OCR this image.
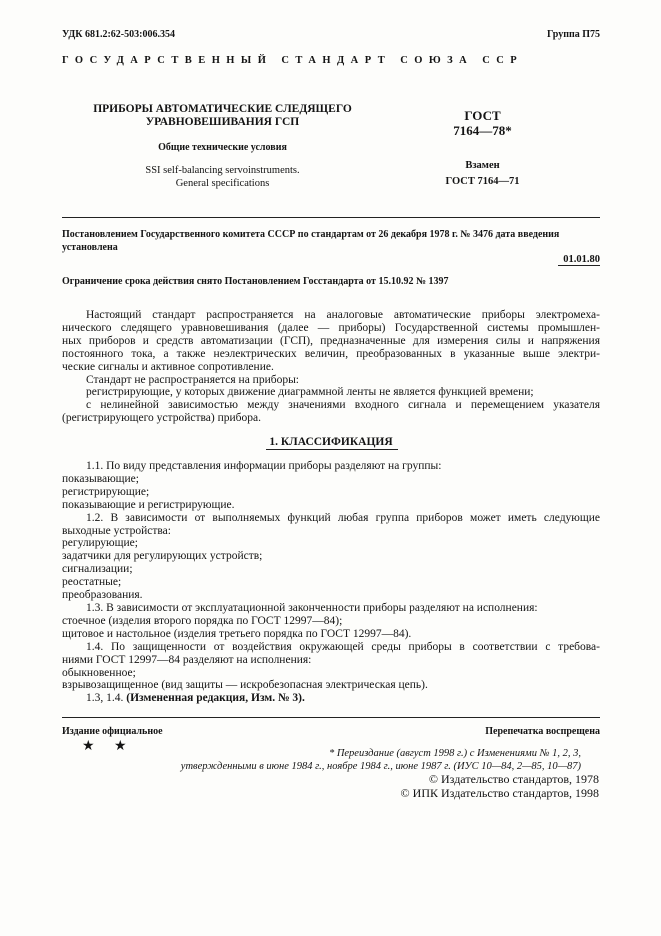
УДК 681.2:62-503:006.354	Группа П75
ГОСУДАРСТВЕННЫЙ СТАНДАРТ СОЮЗА ССР
ПРИБОРЫ АВТОМАТИЧЕСКИЕ СЛЕДЯЩЕГО
УРАВНОВЕШИВАНИЯ ГСП
Общие технические условия
SSI self-balancing servoinstruments.
General specifications
ГОСТ
7164—78*
Взамен
ГОСТ 7164—71
Постановлением Государственного комитета СССР по стандартам от 26 декабря 1978 г. № 3476 дата введения установлена
01.01.80
Ограничение срока действия снято Постановлением Госстандарта от 15.10.92 № 1397

Настоящий стандарт распространяется на аналоговые автоматические приборы электромеха-

нического следящего уравновешивания (далее — приборы) Государственной системы промышлен-

ных приборов и средств автоматизации (ГСП), предназначенные для измерения силы и напряжения

постоянного тока, а также неэлектрических величин, преобразованных в указанные выше электри-

ческие сигналы и активное сопротивление.

Стандарт не распространяется на приборы:

регистрирующие, у которых движение диаграммной ленты не является функцией времени;

с нелинейной зависимостью между значениями входного сигнала и перемещением указателя

(регистрирующего устройства) прибора.

1. КЛАССИФИКАЦИЯ

1.1. По виду представления информации приборы разделяют на группы:

показывающие;

регистрирующие;

показывающие и регистрирующие.

1.2. В зависимости от выполняемых функций любая группа приборов может иметь следующие

выходные устройства:

регулирующие;

задатчики для регулирующих устройств;

сигнализации;

реостатные;

преобразования.

1.3. В зависимости от эксплуатационной законченности приборы разделяют на исполнения:

стоечное (изделия второго порядка по ГОСТ 12997—84);

щитовое и настольное (изделия третьего порядка по ГОСТ 12997—84).

1.4. По защищенности от воздействия окружающей среды приборы в соответствии с требова-

ниями ГОСТ 12997—84 разделяют на исполнения:

обыкновенное;

взрывозащищенное (вид защиты — искробезопасная электрическая цепь).

1.3, 1.4. (Измененная редакция, Изм. № 3).

Издание официальное	Перепечатка воспрещена
★ ★	* Переиздание (август 1998 г.) с Изменениями № 1, 2, 3,
утвержденными в июне 1984 г., ноябре 1984 г., июне 1987 г. (ИУС 10—84, 2—85, 10—87)
© Издательство стандартов, 1978
© ИПК Издательство стандартов, 1998
